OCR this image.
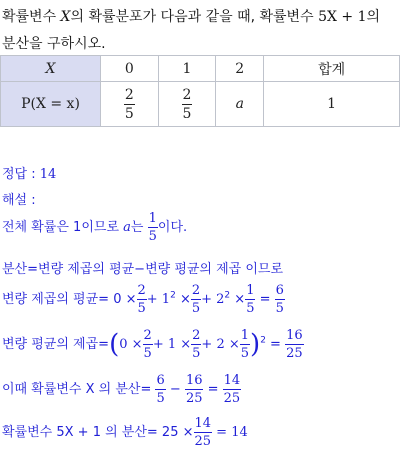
확률변수 X의 확률분포가 다음과 같을 때, 확률변수 5X + 1의
분산을 구하시오.
X	0	1	2	합계
P(X = x)	$\frac{2}{5}$	$\frac{2}{5}$	a	1
정답 : 14
해설 :
전체 확률은 1이므로 a는 $\frac{1}{5}$ 이다.
분산=변량 제곱의 평균−변량 평균의 제곱 이므로
변량 제곱의 평균= $0 \times \frac{2}{5} + 1^2 \times \frac{2}{5} + 2^2 \times \frac{1}{5} = \frac{6}{5}$
변량 평균의 제곱$=(0 \times \frac{2}{5} + 1 \times \frac{2}{5} + 2 \times \frac{1}{5} )^2 = \frac{16}{25}$
이때 확률변수 X 의 분산= $\frac{6}{5} - \frac{16}{25} = \frac{14}{25}$
확률변수 5X + 1 의 분산= $25 \times \frac{14}{25} = 14$
